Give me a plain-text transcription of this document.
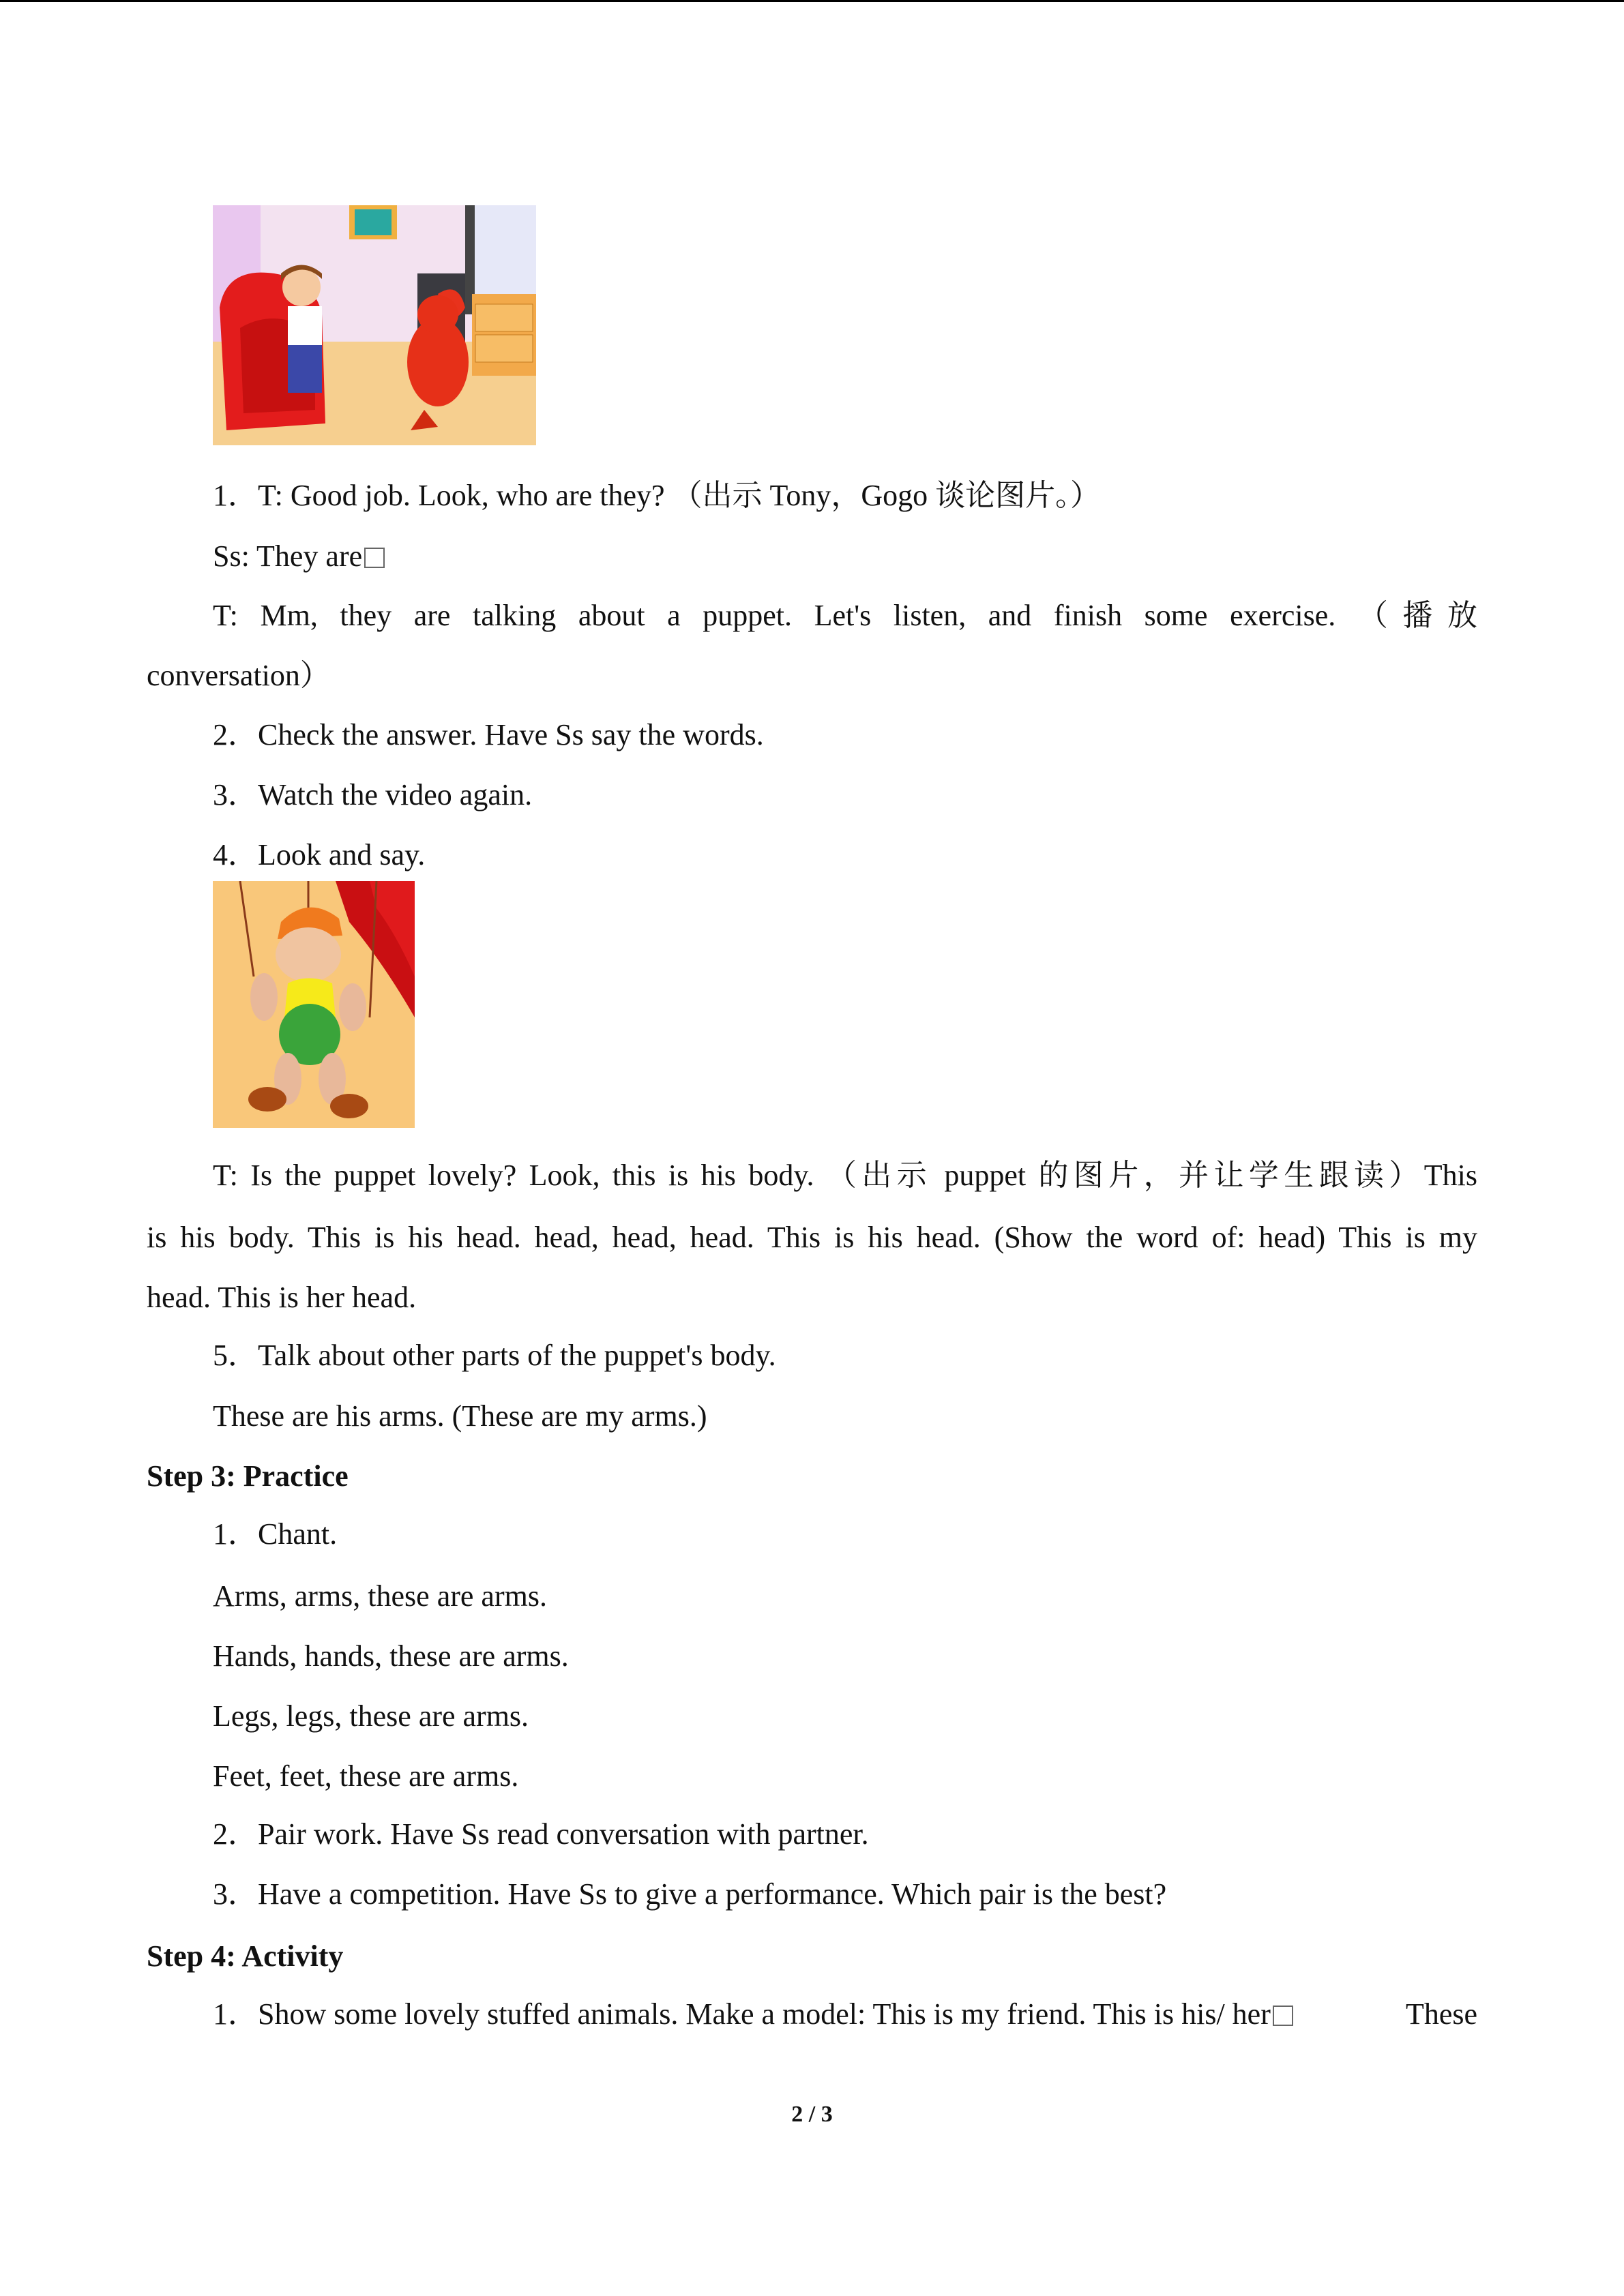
1．T: Good job. Look, who are they? （出示 Tony，Gogo 谈论图片。）
Ss: They are
T: Mm, they are talking about a puppet. Let's listen, and finish some exercise. （播放
conversation）
2．Check the answer. Have Ss say the words.
3．Watch the video again.
4．Look and say.
T: Is the puppet lovely? Look, this is his body. （出示 puppet 的图片，并让学生跟读）This
is his body. This is his head. head, head, head. This is his head. (Show the word of: head) This is my
head. This is her head.
5．Talk about other parts of the puppet's body.
These are his arms. (These are my arms.)
Step 3: Practice
1．Chant.
Arms, arms, these are arms.
Hands, hands, these are arms.
Legs, legs, these are arms.
Feet, feet, these are arms.
2．Pair work. Have Ss read conversation with partner.
3．Have a competition. Have Ss to give a performance. Which pair is the best?
Step 4: Activity
1．Show some lovely stuffed animals. Make a model: This is my friend. This is his/ her	These
2 / 3
